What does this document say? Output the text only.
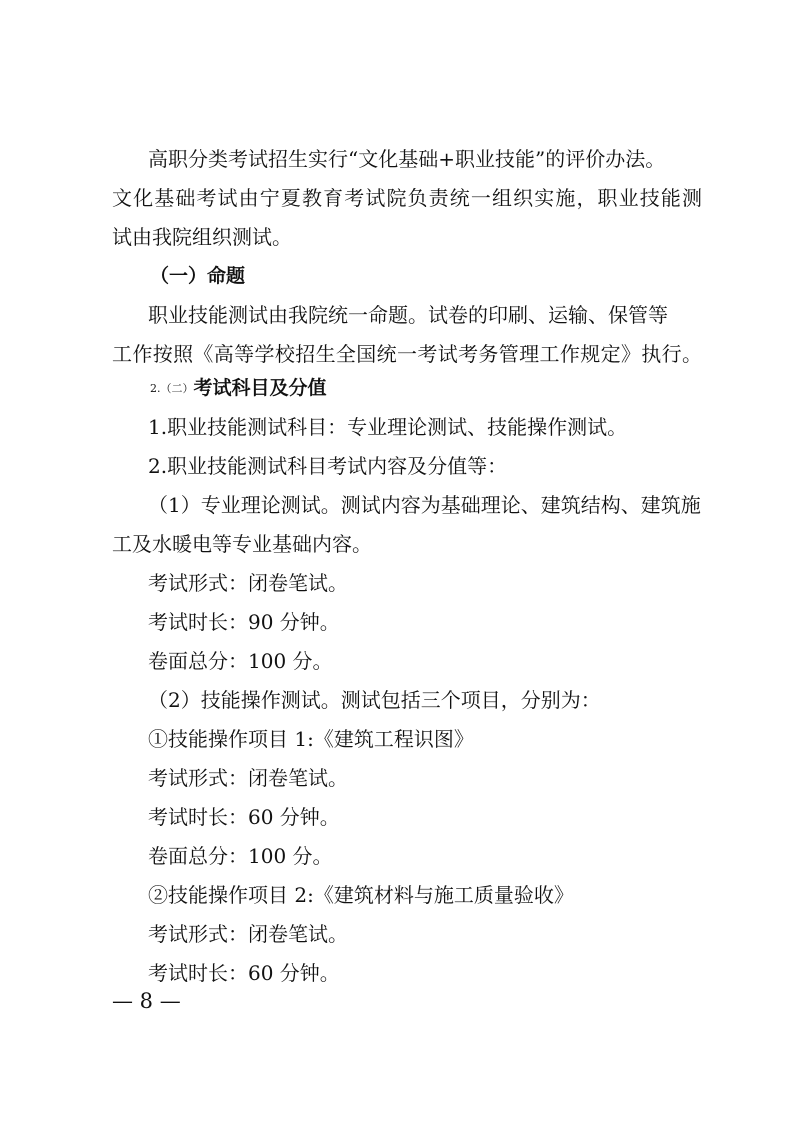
高职分类考试招生实行“文化基础+职业技能”的评价办法。
文化基础考试由宁夏教育考试院负责统一组织实施，职业技能测
试由我院组织测试。
（一）命题
职业技能测试由我院统一命题。试卷的印刷、运输、保管等
工作按照《高等学校招生全国统一考试考务管理工作规定》执行。
2.（二）考试科目及分值
1.职业技能测试科目：专业理论测试、技能操作测试。
2.职业技能测试科目考试内容及分值等：
（1）专业理论测试。测试内容为基础理论、建筑结构、建筑施
工及水暖电等专业基础内容。
考试形式：闭卷笔试。
考试时长：90 分钟。
卷面总分：100 分。
（2）技能操作测试。测试包括三个项目，分别为：
①技能操作项目 1:《建筑工程识图》
考试形式：闭卷笔试。
考试时长：60 分钟。
卷面总分：100 分。
②技能操作项目 2:《建筑材料与施工质量验收》
考试形式：闭卷笔试。
考试时长：60 分钟。
— 8 —
